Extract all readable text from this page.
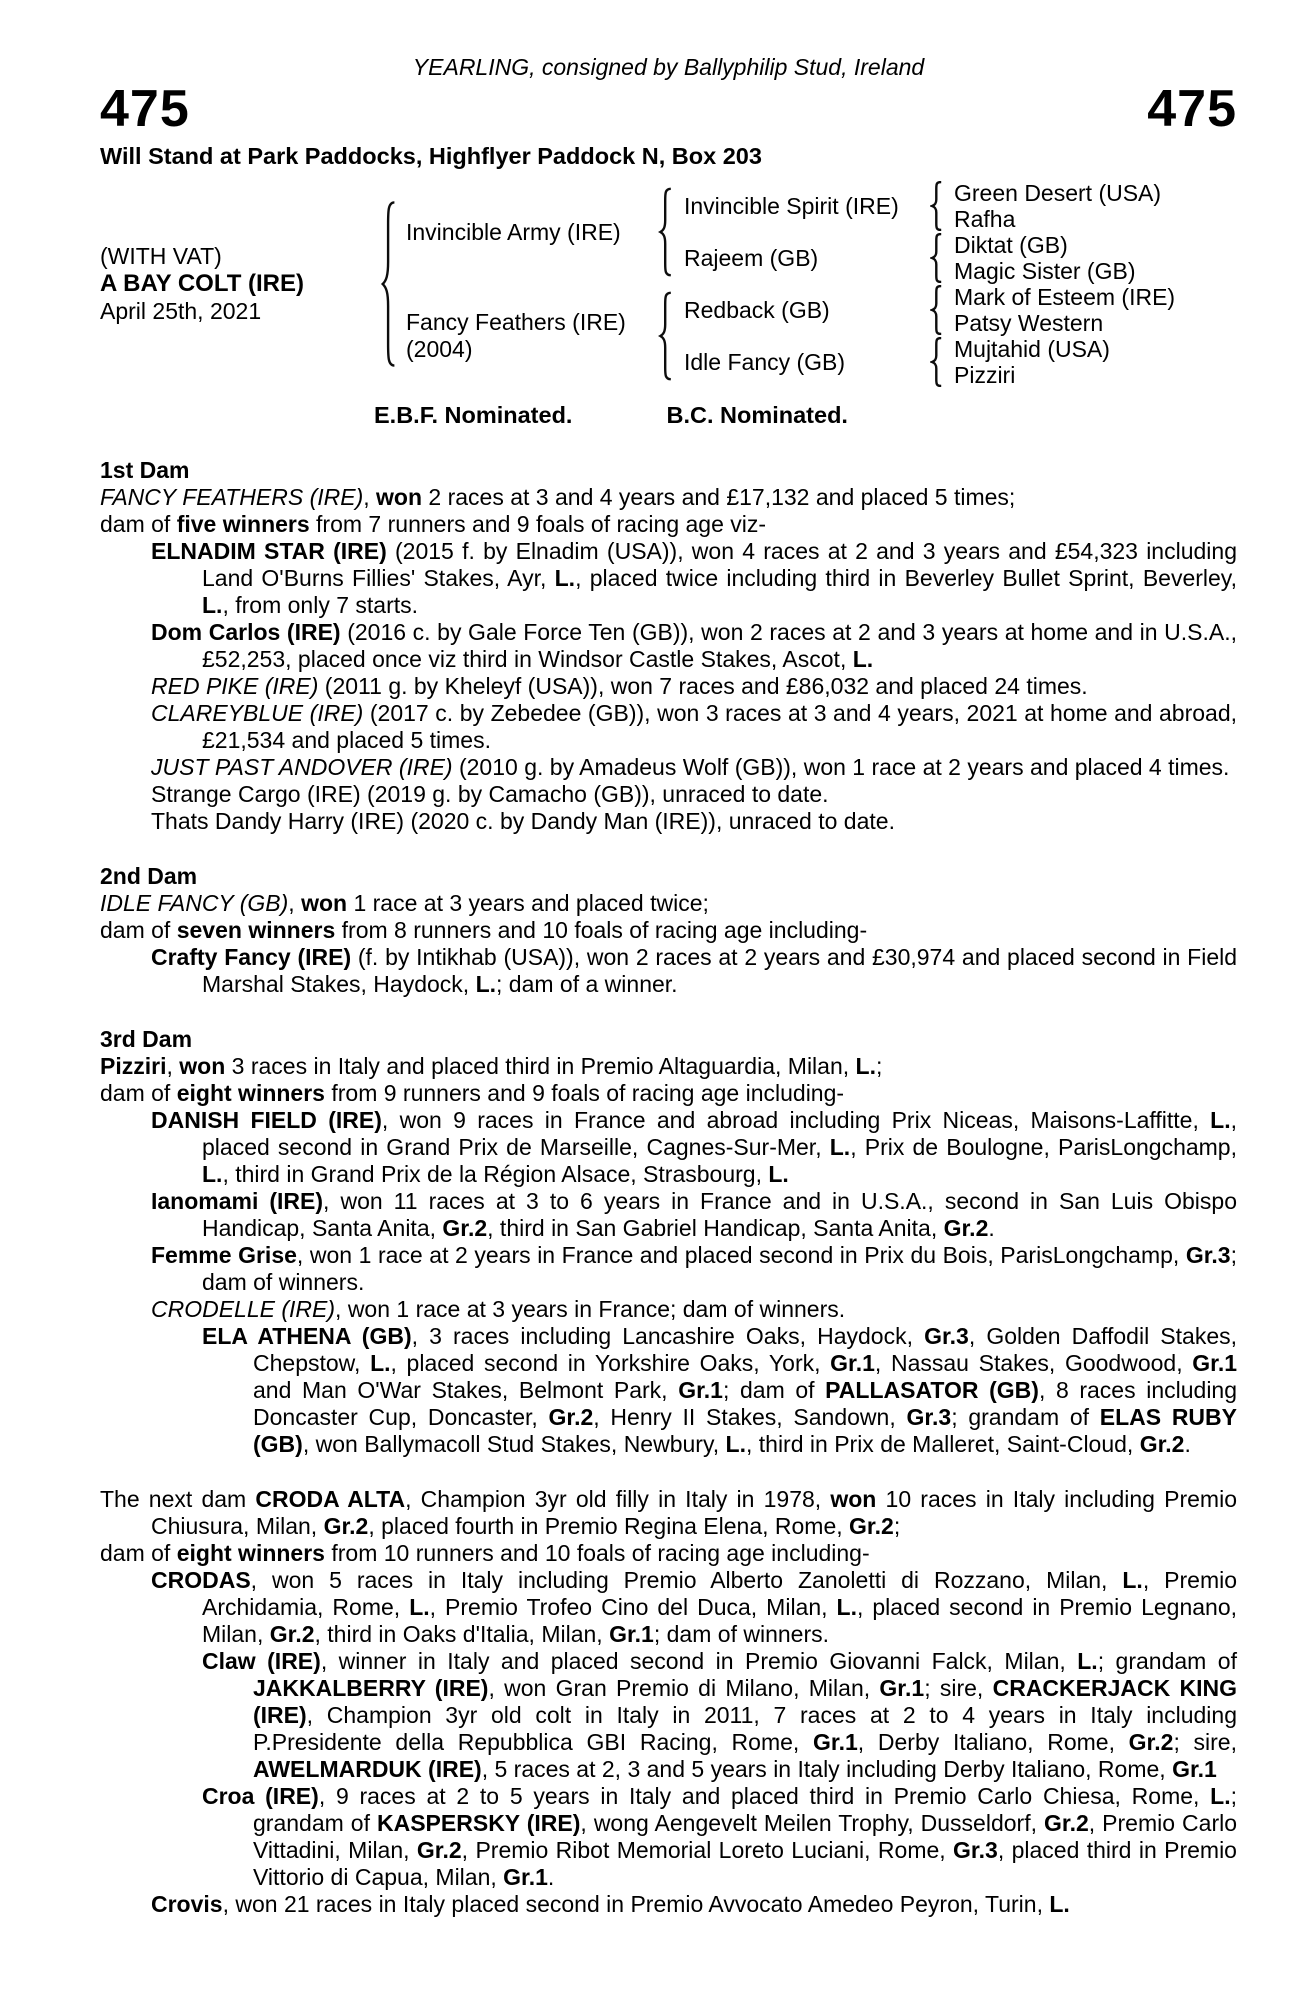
YEARLING, consigned by Ballyphilip Stud, Ireland
475	475
Will Stand at Park Paddocks, Highflyer Paddock N, Box 203
(WITH VAT)
A BAY COLT (IRE)
April 25th, 2021
Invincible Army (IRE)
Invincible Spirit (IRE)	Green Desert (USA)
Rafha
Rajeem (GB)	Diktat (GB)
Magic Sister (GB)
Fancy Feathers (IRE)
(2004)
Redback (GB)	Mark of Esteem (IRE)
Patsy Western
Idle Fancy (GB)	Mujtahid (USA)
Pizziri
E.B.F. Nominated.	B.C. Nominated.
1st Dam

FANCY FEATHERS (IRE), won 2 races at 3 and 4 years and £17,132 and placed 5 times;

dam of five winners from 7 runners and 9 foals of racing age viz-

ELNADIM STAR (IRE) (2015 f. by Elnadim (USA)), won 4 races at 2 and 3 years and £54,323 including Land O'Burns Fillies' Stakes, Ayr, L., placed twice including third in Beverley Bullet Sprint, Beverley, L., from only 7 starts.

Dom Carlos (IRE) (2016 c. by Gale Force Ten (GB)), won 2 races at 2 and 3 years at home and in U.S.A., £52,253, placed once viz third in Windsor Castle Stakes, Ascot, L.

RED PIKE (IRE) (2011 g. by Kheleyf (USA)), won 7 races and £86,032 and placed 24 times.

CLAREYBLUE (IRE) (2017 c. by Zebedee (GB)), won 3 races at 3 and 4 years, 2021 at home and abroad, £21,534 and placed 5 times.

JUST PAST ANDOVER (IRE) (2010 g. by Amadeus Wolf (GB)), won 1 race at 2 years and placed 4 times.

Strange Cargo (IRE) (2019 g. by Camacho (GB)), unraced to date.

Thats Dandy Harry (IRE) (2020 c. by Dandy Man (IRE)), unraced to date.

2nd Dam

IDLE FANCY (GB), won 1 race at 3 years and placed twice;

dam of seven winners from 8 runners and 10 foals of racing age including-

Crafty Fancy (IRE) (f. by Intikhab (USA)), won 2 races at 2 years and £30,974 and placed second in Field Marshal Stakes, Haydock, L.; dam of a winner.

3rd Dam

Pizziri, won 3 races in Italy and placed third in Premio Altaguardia, Milan, L.;

dam of eight winners from 9 runners and 9 foals of racing age including-

DANISH FIELD (IRE), won 9 races in France and abroad including Prix Niceas, Maisons-Laffitte, L., placed second in Grand Prix de Marseille, Cagnes-Sur-Mer, L., Prix de Boulogne, ParisLongchamp, L., third in Grand Prix de la Région Alsace, Strasbourg, L.

Ianomami (IRE), won 11 races at 3 to 6 years in France and in U.S.A., second in San Luis Obispo Handicap, Santa Anita, Gr.2, third in San Gabriel Handicap, Santa Anita, Gr.2.

Femme Grise, won 1 race at 2 years in France and placed second in Prix du Bois, ParisLongchamp, Gr.3; dam of winners.

CRODELLE (IRE), won 1 race at 3 years in France; dam of winners.

ELA ATHENA (GB), 3 races including Lancashire Oaks, Haydock, Gr.3, Golden Daffodil Stakes, Chepstow, L., placed second in Yorkshire Oaks, York, Gr.1, Nassau Stakes, Goodwood, Gr.1 and Man O'War Stakes, Belmont Park, Gr.1; dam of PALLASATOR (GB), 8 races including Doncaster Cup, Doncaster, Gr.2, Henry II Stakes, Sandown, Gr.3; grandam of ELAS RUBY (GB), won Ballymacoll Stud Stakes, Newbury, L., third in Prix de Malleret, Saint-Cloud, Gr.2.

The next dam CRODA ALTA, Champion 3yr old filly in Italy in 1978, won 10 races in Italy including Premio Chiusura, Milan, Gr.2, placed fourth in Premio Regina Elena, Rome, Gr.2;

dam of eight winners from 10 runners and 10 foals of racing age including-

CRODAS, won 5 races in Italy including Premio Alberto Zanoletti di Rozzano, Milan, L., Premio Archidamia, Rome, L., Premio Trofeo Cino del Duca, Milan, L., placed second in Premio Legnano, Milan, Gr.2, third in Oaks d'Italia, Milan, Gr.1; dam of winners.

Claw (IRE), winner in Italy and placed second in Premio Giovanni Falck, Milan, L.; grandam of JAKKALBERRY (IRE), won Gran Premio di Milano, Milan, Gr.1; sire, CRACKERJACK KING (IRE), Champion 3yr old colt in Italy in 2011, 7 races at 2 to 4 years in Italy including P.Presidente della Repubblica GBI Racing, Rome, Gr.1, Derby Italiano, Rome, Gr.2; sire, AWELMARDUK (IRE), 5 races at 2, 3 and 5 years in Italy including Derby Italiano, Rome, Gr.1

Croa (IRE), 9 races at 2 to 5 years in Italy and placed third in Premio Carlo Chiesa, Rome, L.; grandam of KASPERSKY (IRE), wong Aengevelt Meilen Trophy, Dusseldorf, Gr.2, Premio Carlo Vittadini, Milan, Gr.2, Premio Ribot Memorial Loreto Luciani, Rome, Gr.3, placed third in Premio Vittorio di Capua, Milan, Gr.1.

Crovis, won 21 races in Italy placed second in Premio Avvocato Amedeo Peyron, Turin, L.
